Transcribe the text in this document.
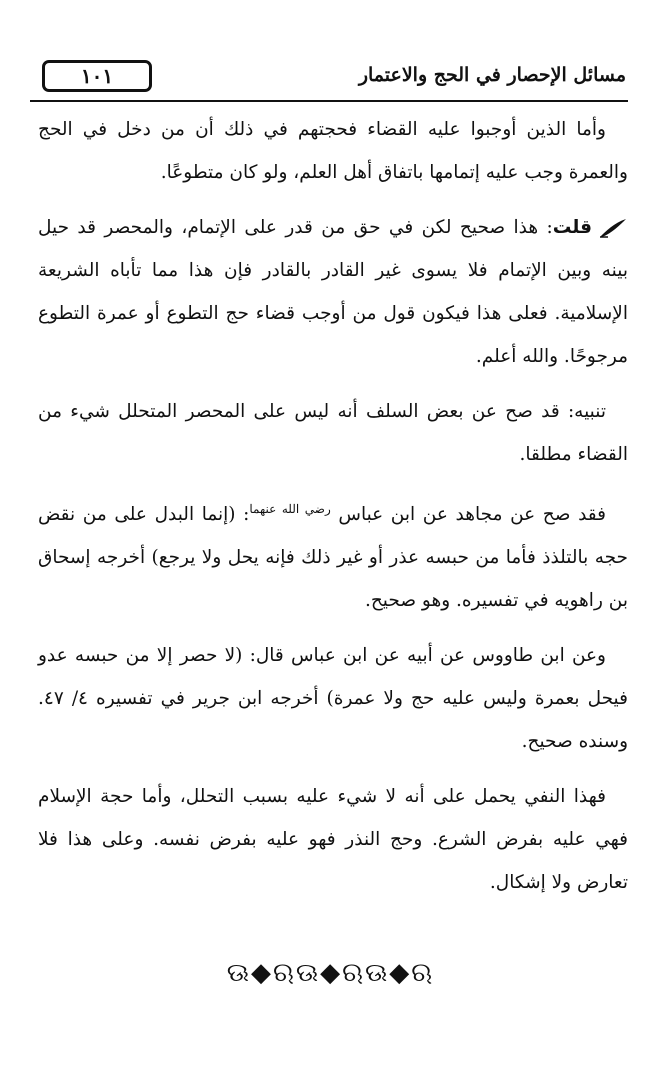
١٠١	مسائل الإحصار في الحج والاعتمار

وأما الذين أوجبوا عليه القضاء فحجتهم في ذلك أن من دخل في الحج والعمرة وجب عليه إتمامها باتفاق أهل العلم، ولو كان متطوعًا.

قلت: هذا صحيح لكن في حق من قدر على الإتمام، والمحصر قد حيل بينه وبين الإتمام فلا يسوى غير القادر بالقادر فإن هذا مما تأباه الشريعة الإسلامية. فعلى هذا فيكون قول من أوجب قضاء حج التطوع أو عمرة التطوع مرجوحًا. والله أعلم.

تنبيه: قد صح عن بعض السلف أنه ليس على المحصر المتحلل شيء من القضاء مطلقا.

فقد صح عن مجاهد عن ابن عباس $^{رضي الله عنهما}$: (إنما البدل على من نقض حجه بالتلذذ فأما من حبسه عذر أو غير ذلك فإنه يحل ولا يرجع) أخرجه إسحاق بن راهويه في تفسيره. وهو صحيح.

وعن ابن طاووس عن أبيه عن ابن عباس قال: (لا حصر إلا من حبسه عدو فيحل بعمرة وليس عليه حج ولا عمرة) أخرجه ابن جرير في تفسيره ٤/ ٤٧. وسنده صحيح.

فهذا النفي يحمل على أنه لا شيء عليه بسبب التحلل، وأما حجة الإسلام فهي عليه بفرض الشرع. وحج النذر فهو عليه بفرض نفسه. وعلى هذا فلا تعارض ولا إشكال.

ଊ◆ଋଊ◆ଋଊ◆ଋ
